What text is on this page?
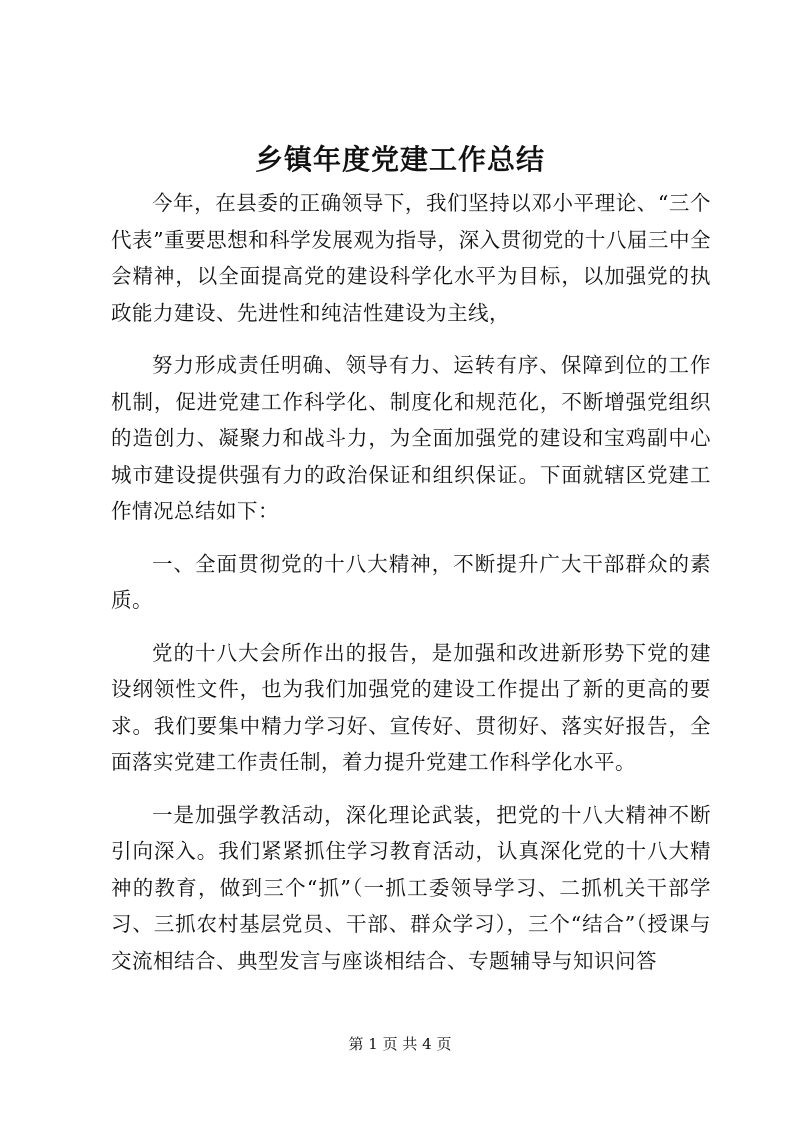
乡镇年度党建工作总结

今年，在县委的正确领导下，我们坚持以邓小平理论、“三个代表”重要思想和科学发展观为指导，深入贯彻党的十八届三中全会精神，以全面提高党的建设科学化水平为目标，以加强党的执政能力建设、先进性和纯洁性建设为主线，

努力形成责任明确、领导有力、运转有序、保障到位的工作机制，促进党建工作科学化、制度化和规范化，不断增强党组织的造创力、凝聚力和战斗力，为全面加强党的建设和宝鸡副中心城市建设提供强有力的政治保证和组织保证。下面就辖区党建工作情况总结如下：

一、全面贯彻党的十八大精神，不断提升广大干部群众的素质。

党的十八大会所作出的报告，是加强和改进新形势下党的建设纲领性文件，也为我们加强党的建设工作提出了新的更高的要求。我们要集中精力学习好、宣传好、贯彻好、落实好报告，全面落实党建工作责任制，着力提升党建工作科学化水平。

一是加强学教活动，深化理论武装，把党的十八大精神不断引向深入。我们紧紧抓住学习教育活动，认真深化党的十八大精神的教育，做到三个“抓”（一抓工委领导学习、二抓机关干部学习、三抓农村基层党员、干部、群众学习），三个“结合”（授课与交流相结合、典型发言与座谈相结合、专题辅导与知识问答

第 1 页 共 4 页
